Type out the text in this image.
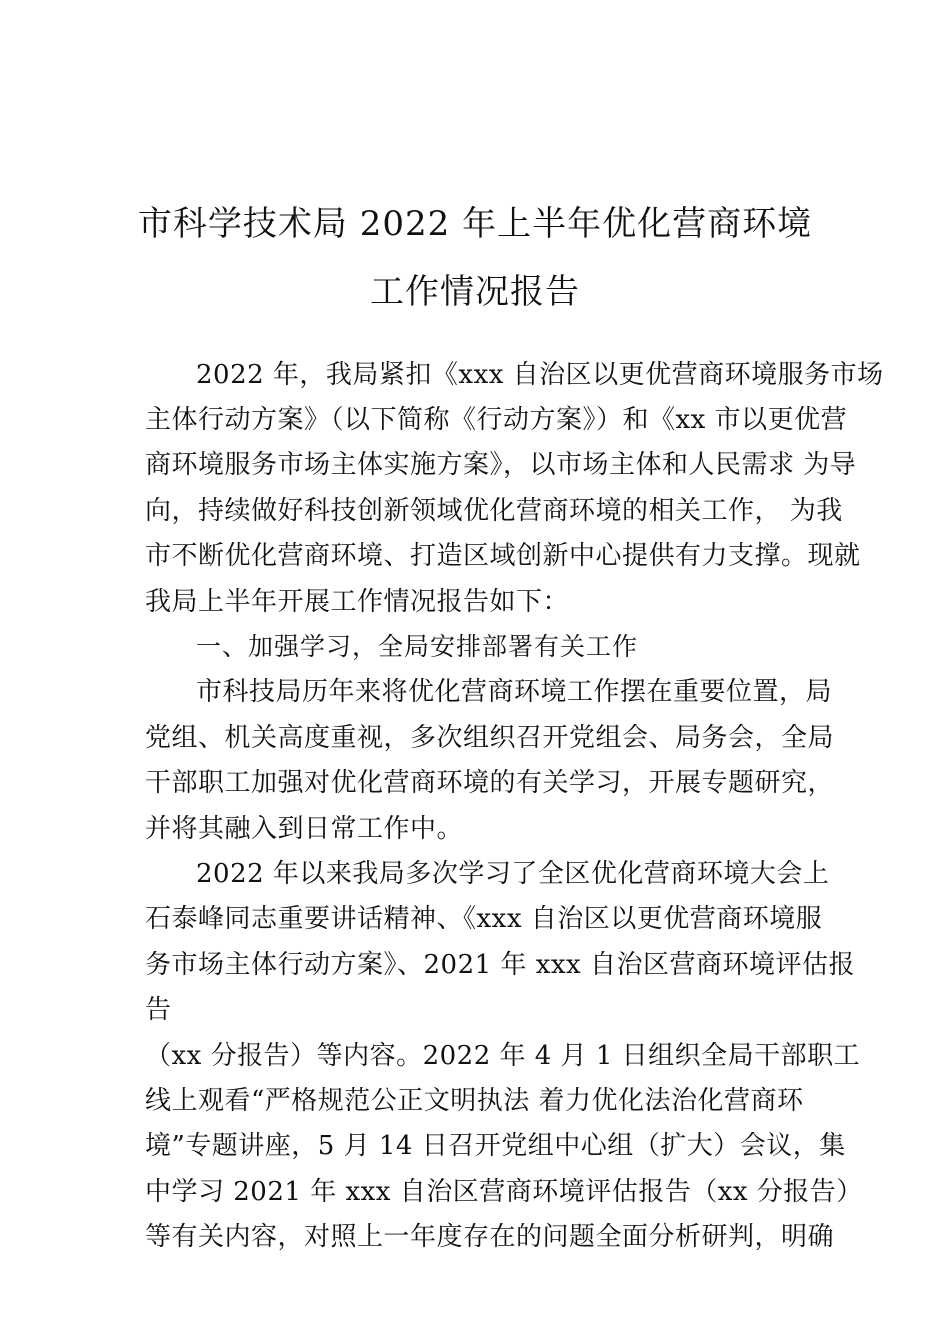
市科学技术局 2022 年上半年优化营商环境
工作情况报告
2022 年，我局紧扣《xxx 自治区以更优营商环境服务市场
主体行动方案》（以下简称《行动方案》）和《xx 市以更优营
商环境服务市场主体实施方案》，以市场主体和人民需求 为导
向，持续做好科技创新领域优化营商环境的相关工作， 为我
市不断优化营商环境、打造区域创新中心提供有力支撑。现就
我局上半年开展工作情况报告如下：
一、加强学习，全局安排部署有关工作
市科技局历年来将优化营商环境工作摆在重要位置，局
党组、机关高度重视，多次组织召开党组会、局务会，全局
干部职工加强对优化营商环境的有关学习，开展专题研究，
并将其融入到日常工作中。
2022 年以来我局多次学习了全区优化营商环境大会上
石泰峰同志重要讲话精神、《xxx 自治区以更优营商环境服
务市场主体行动方案》、2021 年 xxx 自治区营商环境评估报
告
（xx 分报告）等内容。2022 年 4 月 1 日组织全局干部职工
线上观看“严格规范公正文明执法 着力优化法治化营商环
境”专题讲座，5 月 14 日召开党组中心组（扩大）会议，集
中学习 2021 年 xxx 自治区营商环境评估报告（xx 分报告）
等有关内容，对照上一年度存在的问题全面分析研判，明确
